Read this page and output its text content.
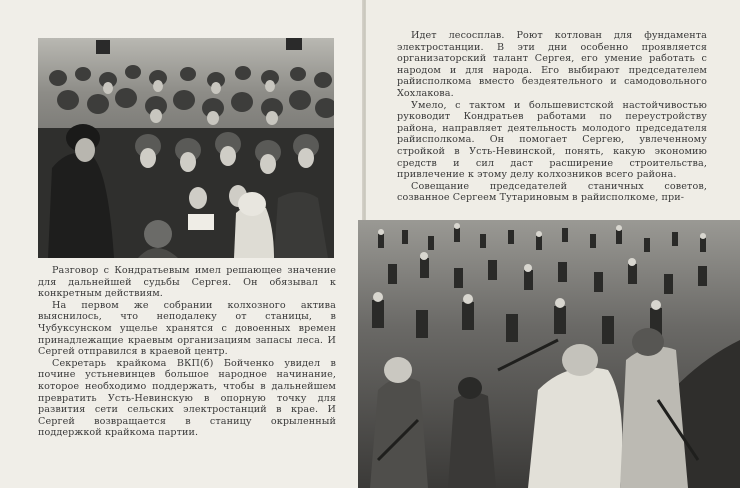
Разговор с Кондратьевым имел решающее значение для дальнейшей судьбы Сергея. Он обязывал к конкретным действиям.

На первом же собрании колхозного актива выяснилось, что неподалеку от станицы, в Чубуксунском ущелье хранятся с довоенных времен принадлежащие краевым организациям запасы леса. И Сергей отправился в краевой центр.

Секретарь крайкома ВКП(б) Бойченко увидел в почине устьневинцев большое народное начинание, которое необходимо поддержать, чтобы в дальнейшем превратить Усть-Невинскую в опорную точку для развития сети сельских электростанций в крае. И Сергей возвращается в станицу окрыленный поддержкой крайкома партии.

Идет лесосплав. Роют котлован для фундамента электростанции. В эти дни особенно проявляется организаторский талант Сергея, его умение работать с народом и для народа. Его выбирают председателем райисполкома вместо бездеятельного и самодовольного Хохлакова.

Умело, с тактом и большевистской настойчивостью руководит Кондратьев работами по переустройству района, направляет деятельность молодого председателя райисполкома. Он помогает Сергею, увлеченному стройкой в Усть-Невинской, понять, какую экономию средств и сил даст расширение строительства, привлечение к этому делу колхозников всего района.

Совещание председателей станичных советов, созванное Сергеем Тутариновым в райисполкоме, при-
